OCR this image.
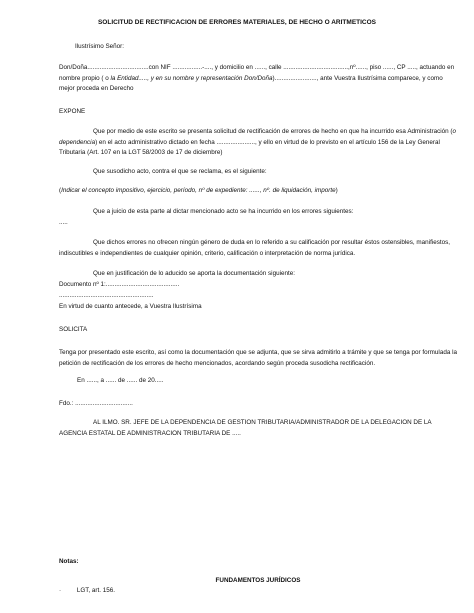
SOLICITUD DE RECTIFICACION DE ERRORES MATERIALES, DE HECHO O ARITMETICOS
Ilustrísimo Señor:

Don/Doña...................................con NIF .................-...., y domicilio en ......, calle .....................................,nº......, piso ......, CP ....., actuando en nombre propio ( o la Entidad....., y en su nombre y representación Don/Doña)........................, ante Vuestra Ilustrísima comparece, y como mejor proceda en Derecho

EXPONE

Que por medio de este escrito se presenta solicitud de rectificación de errores de hecho en que ha incurrido esa Administración (o dependencia) en el acto administrativo dictado en fecha ......................, y ello en virtud de lo previsto en el artículo 156 de la Ley General Tributaria (Art. 107 en la LGT 58/2003 de 17 de diciembre)

Que susodicho acto, contra el que se reclama, es el siguiente:

(Indicar el concepto impositivo, ejercicio, período, nº de expediente: ......, nº. de liquidación, importe)

Que a juicio de esta parte al dictar mencionado acto se ha incurrido en los errores siguientes:

.....

Que dichos errores no ofrecen ningún género de duda en lo referido a su calificación por resultar éstos ostensibles, manifiestos, indiscutibles e independientes de cualquier opinión, criterio, calificación o interpretación de norma jurídica.

Que en justificación de lo aducido se aporta la documentación siguiente:

Documento nº 1:..........................................

......................................................

En virtud de cuanto antecede, a Vuestra Ilustrísima

SOLICITA

Tenga por presentado este escrito, así como la documentación que se adjunta, que se sirva admitirlo a trámite y que se tenga por formulada la petición de rectificación de los errores de hecho mencionados, acordando según proceda susodicha rectificación.

En ......, a ...... de ...... de 20.....

Fdo.: .................................

AL ILMO. SR. JEFE DE LA DEPENDENCIA DE GESTION TRIBUTARIA/ADMINISTRADOR DE LA DELEGACION DE LA AGENCIA ESTATAL DE ADMINISTRACION TRIBUTARIA DE .....

Notas:
FUNDAMENTOS JURÍDICOS
·	LGT, art. 156.
